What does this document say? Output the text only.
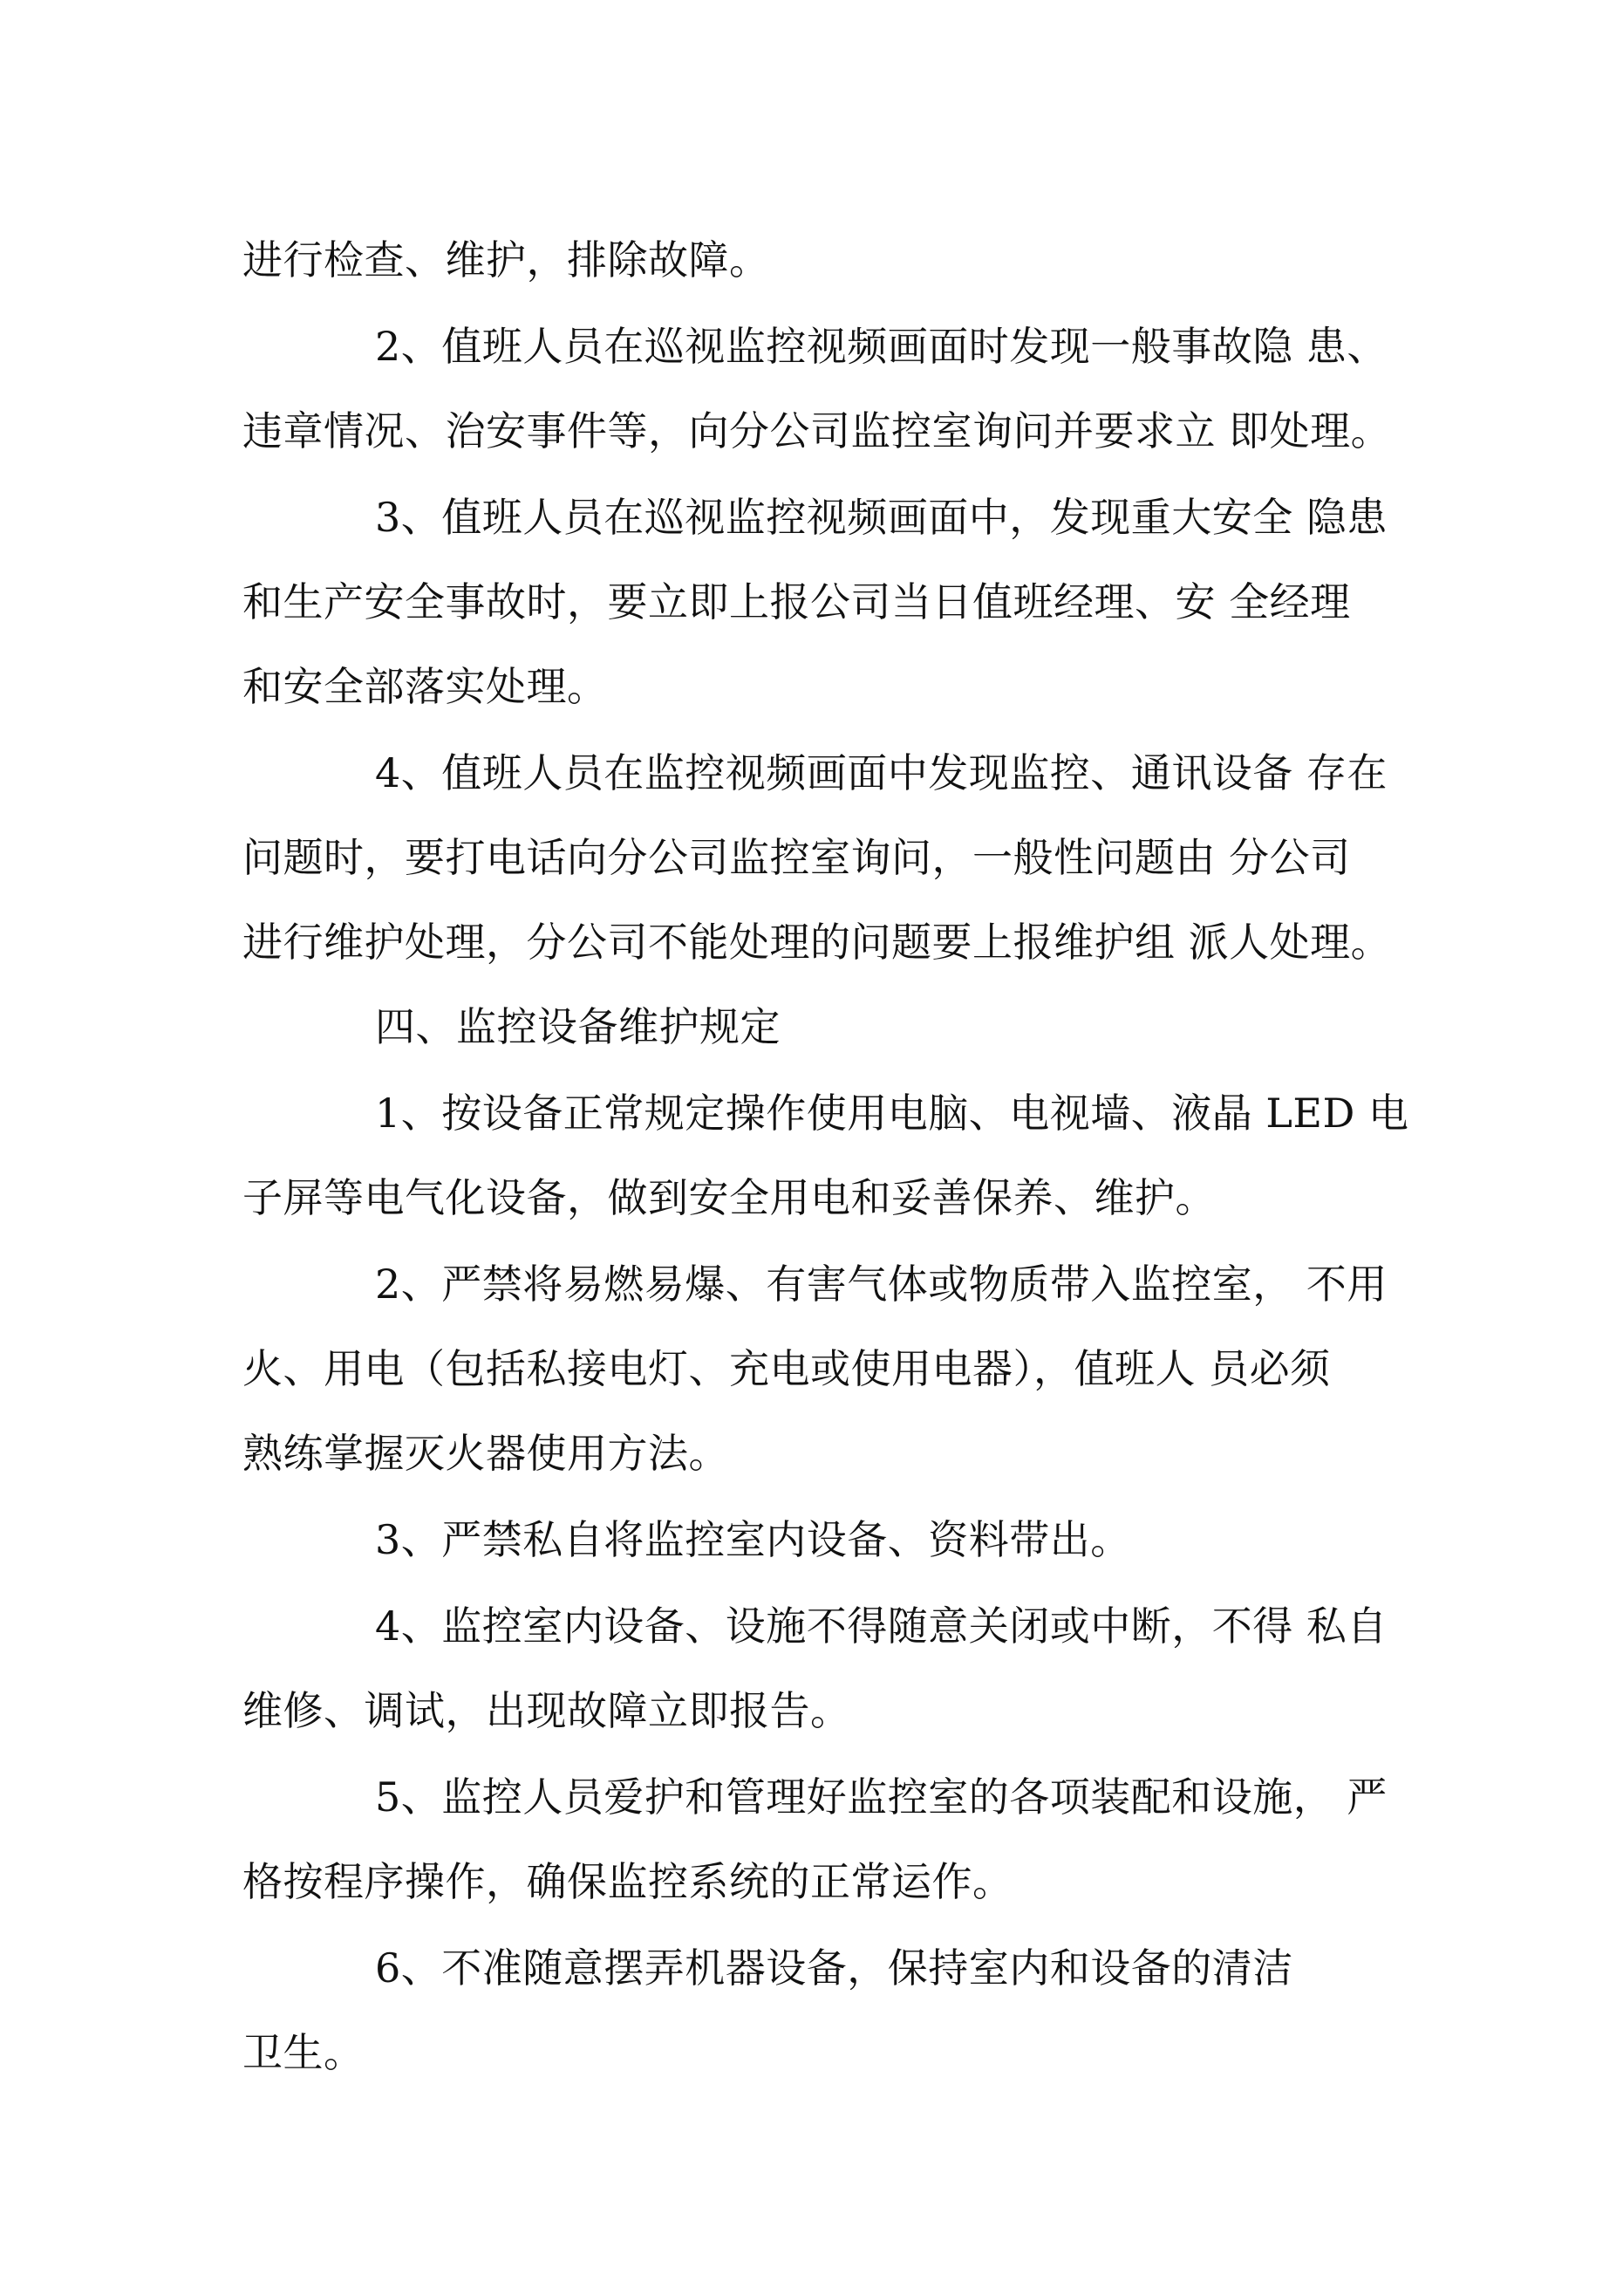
进行检查、维护，排除故障。
2、值班人员在巡视监控视频画面时发现一般事故隐 患、
违章情况、治安事件等，向分公司监控室询问并要求立 即处理。
3、值班人员在巡视监控视频画面中，发现重大安全 隐患
和生产安全事故时，要立即上报公司当日值班经理、安 全经理
和安全部落实处理。
4、值班人员在监控视频画面中发现监控、通讯设备 存在
问题时，要打电话向分公司监控室询问，一般性问题由 分公司
进行维护处理，分公司不能处理的问题要上报维护组 派人处理。
四、监控设备维护规定
1、按设备正常规定操作使用电脑、电视墙、液晶 LED 电
子屏等电气化设备，做到安全用电和妥善保养、维护。
2、严禁将易燃易爆、有害气体或物质带入监控室， 不用
火、用电（包括私接电灯、充电或使用电器），值班人 员必须
熟练掌握灭火器使用方法。
3、严禁私自将监控室内设备、资料带出。
4、监控室内设备、设施不得随意关闭或中断，不得 私自
维修、调试，出现故障立即报告。
5、监控人员爱护和管理好监控室的各项装配和设施， 严
格按程序操作，确保监控系统的正常运作。
6、不准随意摆弄机器设备，保持室内和设备的清洁
卫生。
